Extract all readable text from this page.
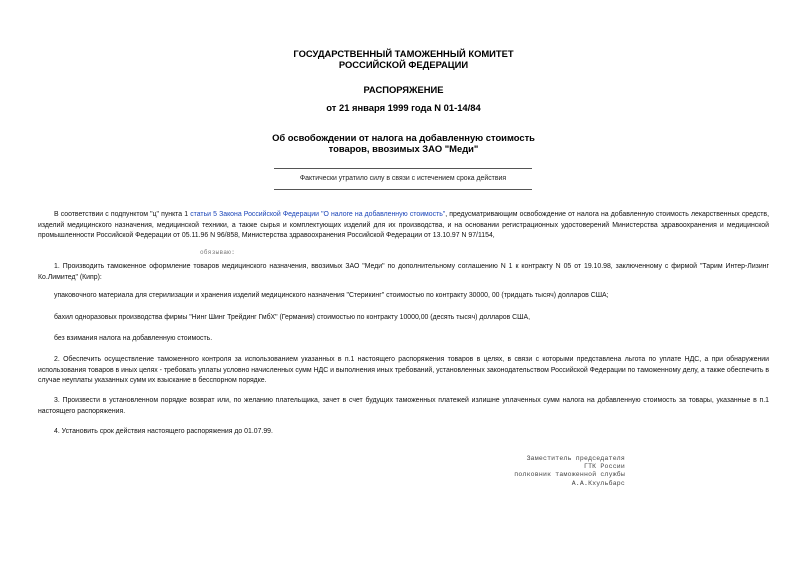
ГОСУДАРСТВЕННЫЙ ТАМОЖЕННЫЙ КОМИТЕТ
РОССИЙСКОЙ ФЕДЕРАЦИИ
РАСПОРЯЖЕНИЕ
от 21 января 1999 года N 01-14/84
Об освобождении от налога на добавленную стоимость
товаров, ввозимых ЗАО "Меди"
Фактически утратило силу в связи с истечением срока действия

В соответствии с подпунктом "ц" пункта 1 статьи 5 Закона Российской Федерации "О налоге на добавленную стоимость", предусматривающим освобождение от налога на добавленную стоимость лекарственных средств, изделий медицинского назначения, медицинской техники, а также сырья и комплектующих изделий для их производства, и на основании регистрационных удостоверений Министерства здравоохранения и медицинской промышленности Российской Федерации от 05.11.96 N 96/858, Министерства здравоохранения Российской Федерации от 13.10.97 N 97/1154,

обязываю:

1. Производить таможенное оформление товаров медицинского назначения, ввозимых ЗАО "Меди" по дополнительному соглашению N 1 к контракту N 05 от 19.10.98, заключенному с фирмой "Тарим Интер-Лизинг Ко.Лимитед" (Кипр):

упаковочного материала для стерилизации и хранения изделий медицинского назначения "Стерикинг" стоимостью по контракту 30000, 00 (тридцать тысяч) долларов США;

бахил одноразовых производства фирмы "Нинг Шинг Трейдинг ГмбХ" (Германия) стоимостью по контракту 10000,00 (десять тысяч) долларов США,

без взимания налога на добавленную стоимость.

2. Обеспечить осуществление таможенного контроля за использованием указанных в п.1 настоящего распоряжения товаров в целях, в связи с которыми представлена льгота по уплате НДС, а при обнаружении использования товаров в иных целях - требовать уплаты условно начисленных сумм НДС и выполнения иных требований, установленных законодательством Российской Федерации по таможенному делу, а также обеспечить в случае неуплаты указанных сумм их взыскание в бесспорном порядке.

3. Произвести в установленном порядке возврат или, по желанию плательщика, зачет в счет будущих таможенных платежей излишне уплаченных сумм налога на добавленную стоимость за товары, указанные в п.1 настоящего распоряжения.

4. Установить срок действия настоящего распоряжения до 01.07.99.

Заместитель председателя
ГТК России
полковник таможенной службы
А.А.Кхульбарс
